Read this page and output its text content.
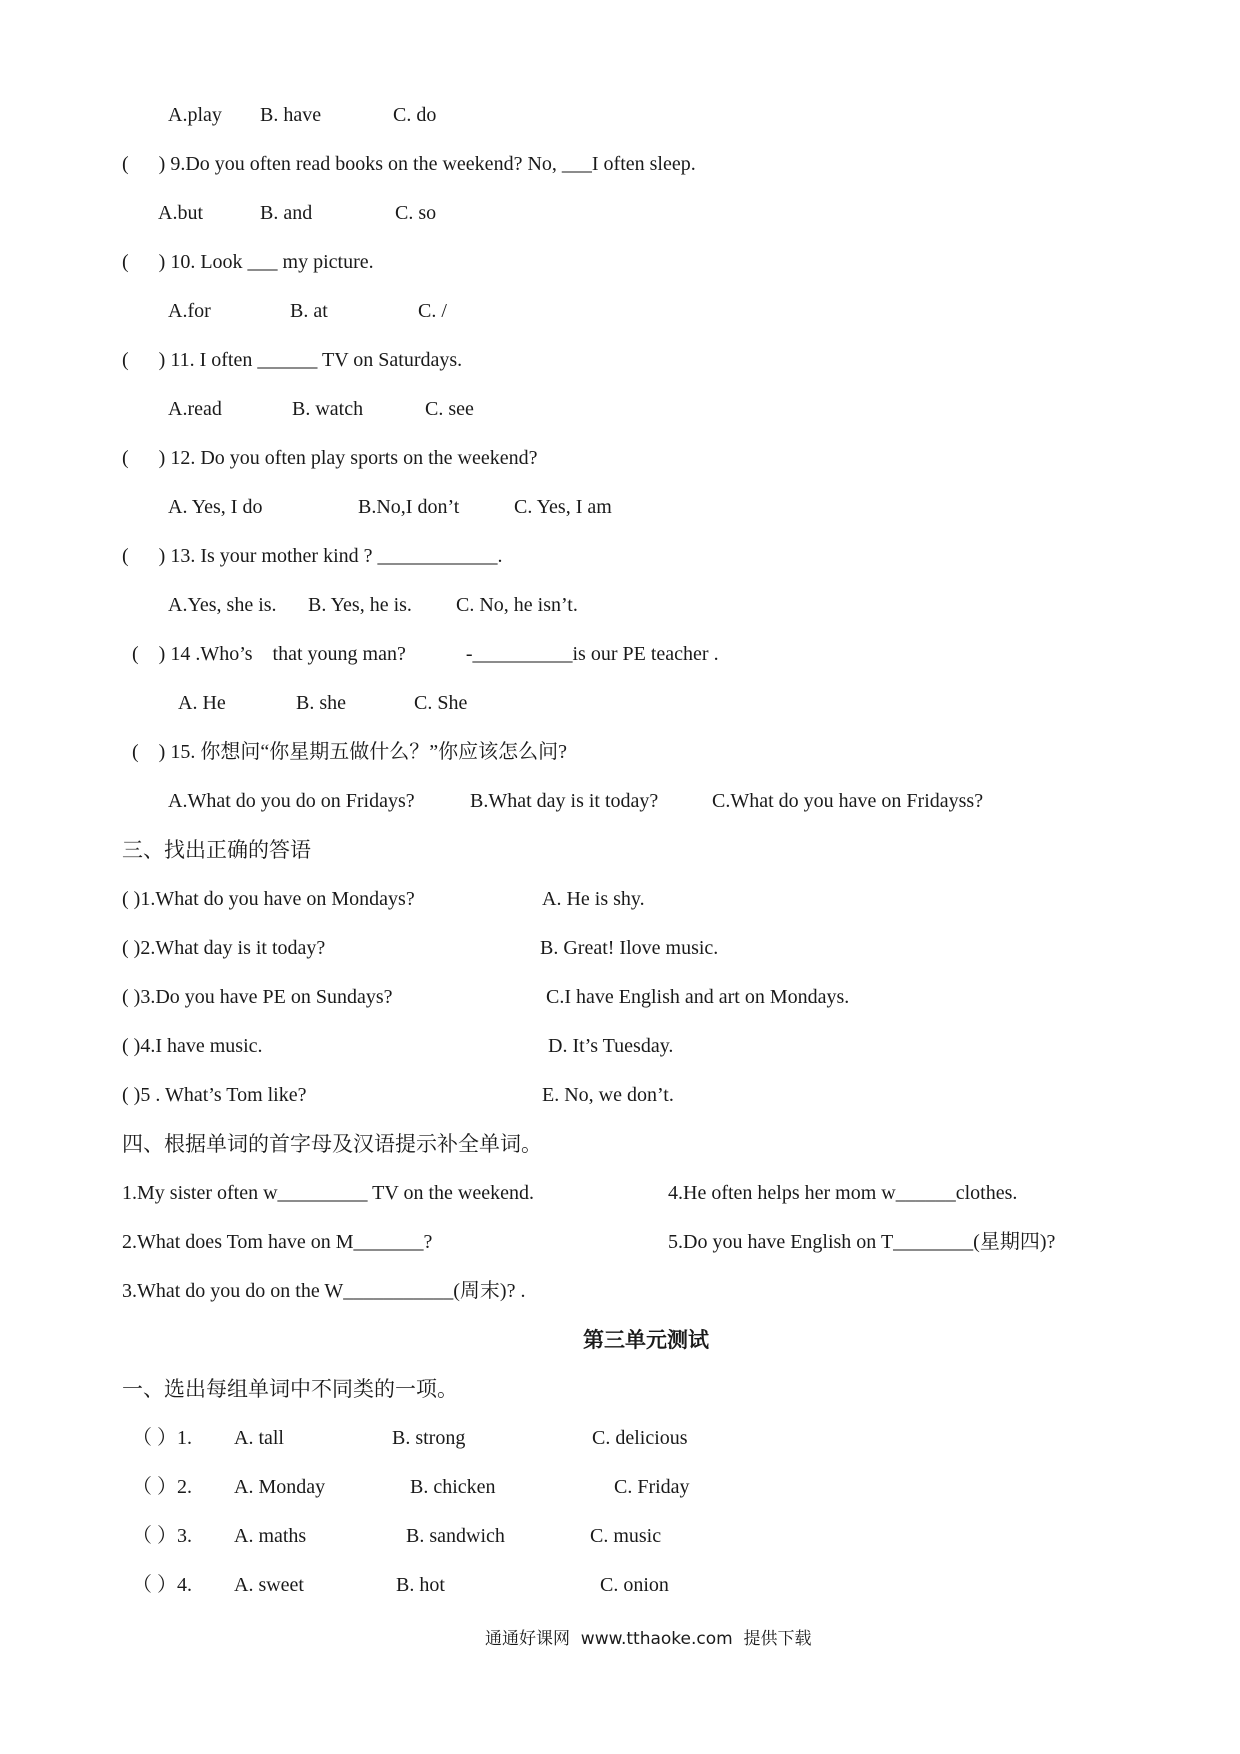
A.play B. have	C. do
(      ) 9.Do you often read books on the weekend? No, ___I often sleep.
A.but	B. and	C. so
(      ) 10. Look ___ my picture.
A.for	B. at	C. /
(      ) 11. I often ______ TV on Saturdays.
A.read	B. watch	C. see
(      ) 12. Do you often play sports on the weekend?
A. Yes, I do	B.No,I don’t	C. Yes, I am
(      ) 13. Is your mother kind ? ____________.
A.Yes, she is. B. Yes, he is. C. No, he isn’t.
(    ) 14 .Who’s    that young man?            -__________is our PE teacher .
A. He	B. she	C. She
(    ) 15. 你想问“你星期五做什么？”你应该怎么问?
A.What do you do on Fridays?	B.What day is it today?	C.What do you have on Fridayss?
三、找出正确的答语
( )1.What do you have on Mondays?	A. He is shy.
( )2.What day is it today?	B. Great! Ilove music.
( )3.Do you have PE on Sundays?	C.I have English and art on Mondays.
( )4.I have music.	D. It’s Tuesday.
( )5 . What’s Tom like?	E. No, we don’t.
四、根据单词的首字母及汉语提示补全单词。
1.My sister often w_________ TV on the weekend.	4.He often helps her mom w______clothes.
2.What does Tom have on M_______?	5.Do you have English on T________(星期四)?
3.What do you do on the W___________(周末)? .
第三单元测试
一、选出每组单词中不同类的一项。
（ ）1. A. tall	B. strong	C. delicious
（ ）2. A. Monday	B. chicken	C. Friday
（ ）3. A. maths	B. sandwich	C. music
（ ）4. A. sweet	B. hot	C. onion
通通好课网  www.tthaoke.com  提供下载
